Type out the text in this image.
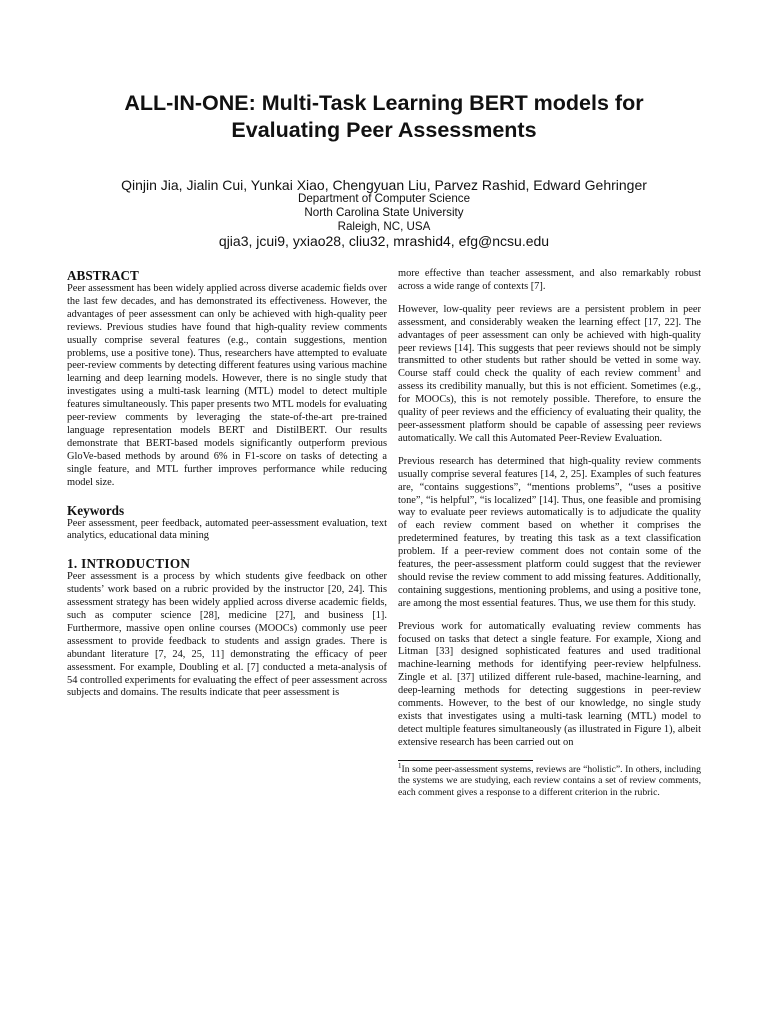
ALL-IN-ONE: Multi-Task Learning BERT models for
Evaluating Peer Assessments
Qinjin Jia, Jialin Cui, Yunkai Xiao, Chengyuan Liu, Parvez Rashid, Edward Gehringer
Department of Computer Science
North Carolina State University
Raleigh, NC, USA
qjia3, jcui9, yxiao28, cliu32, mrashid4, efg@ncsu.edu
ABSTRACT

Peer assessment has been widely applied across diverse academic fields over the last few decades, and has demonstrated its effectiveness. However, the advantages of peer assessment can only be achieved with high-quality peer reviews. Previous studies have found that high-quality review comments usually comprise several features (e.g., contain suggestions, mention problems, use a positive tone). Thus, researchers have attempted to evaluate peer-review comments by detecting different features using various machine learning and deep learning models. However, there is no single study that investigates using a multi-task learning (MTL) model to detect multiple features simultaneously. This paper presents two MTL models for evaluating peer-review comments by leveraging the state-of-the-art pre-trained language representation models BERT and DistilBERT. Our results demonstrate that BERT-based models significantly outperform previous GloVe-based methods by around 6% in F1-score on tasks of detecting a single feature, and MTL further improves performance while reducing model size.

Keywords

Peer assessment, peer feedback, automated peer-assessment evaluation, text analytics, educational data mining

1. INTRODUCTION

Peer assessment is a process by which students give feedback on other students’ work based on a rubric provided by the instructor [20, 24]. This assessment strategy has been widely applied across diverse academic fields, such as computer science [28], medicine [27], and business [1]. Furthermore, massive open online courses (MOOCs) commonly use peer assessment to provide feedback to students and assign grades. There is abundant literature [7, 24, 25, 11] demonstrating the efficacy of peer assessment. For example, Doubling et al. [7] conducted a meta-analysis of 54 controlled experiments for evaluating the effect of peer assessment across subjects and domains. The results indicate that peer assessment is

more effective than teacher assessment, and also remarkably robust across a wide range of contexts [7].

However, low-quality peer reviews are a persistent problem in peer assessment, and considerably weaken the learning effect [17, 22]. The advantages of peer assessment can only be achieved with high-quality peer reviews [14]. This suggests that peer reviews should not be simply transmitted to other students but rather should be vetted in some way. Course staff could check the quality of each review comment$^1$ and assess its credibility manually, but this is not efficient. Sometimes (e.g., for MOOCs), this is not remotely possible. Therefore, to ensure the quality of peer reviews and the efficiency of evaluating their quality, the peer-assessment platform should be capable of assessing peer reviews automatically. We call this Automated Peer-Review Evaluation.

Previous research has determined that high-quality review comments usually comprise several features [14, 2, 25]. Examples of such features are, “contains suggestions”, “mentions problems”, “uses a positive tone”, “is helpful”, “is localized” [14]. Thus, one feasible and promising way to evaluate peer reviews automatically is to adjudicate the quality of each review comment based on whether it comprises the predetermined features, by treating this task as a text classification problem. If a peer-review comment does not contain some of the features, the peer-assessment platform could suggest that the reviewer should revise the review comment to add missing features. Additionally, containing suggestions, mentioning problems, and using a positive tone, are among the most essential features. Thus, we use them for this study.

Previous work for automatically evaluating review comments has focused on tasks that detect a single feature. For example, Xiong and Litman [33] designed sophisticated features and used traditional machine-learning methods for identifying peer-review helpfulness. Zingle et al. [37] utilized different rule-based, machine-learning, and deep-learning methods for detecting suggestions in peer-review comments. However, to the best of our knowledge, no single study exists that investigates using a multi-task learning (MTL) model to detect multiple features simultaneously (as illustrated in Figure 1), albeit extensive research has been carried out on

$^1$In some peer-assessment systems, reviews are “holistic”. In others, including the systems we are studying, each review contains a set of review comments, each comment gives a response to a different criterion in the rubric.
